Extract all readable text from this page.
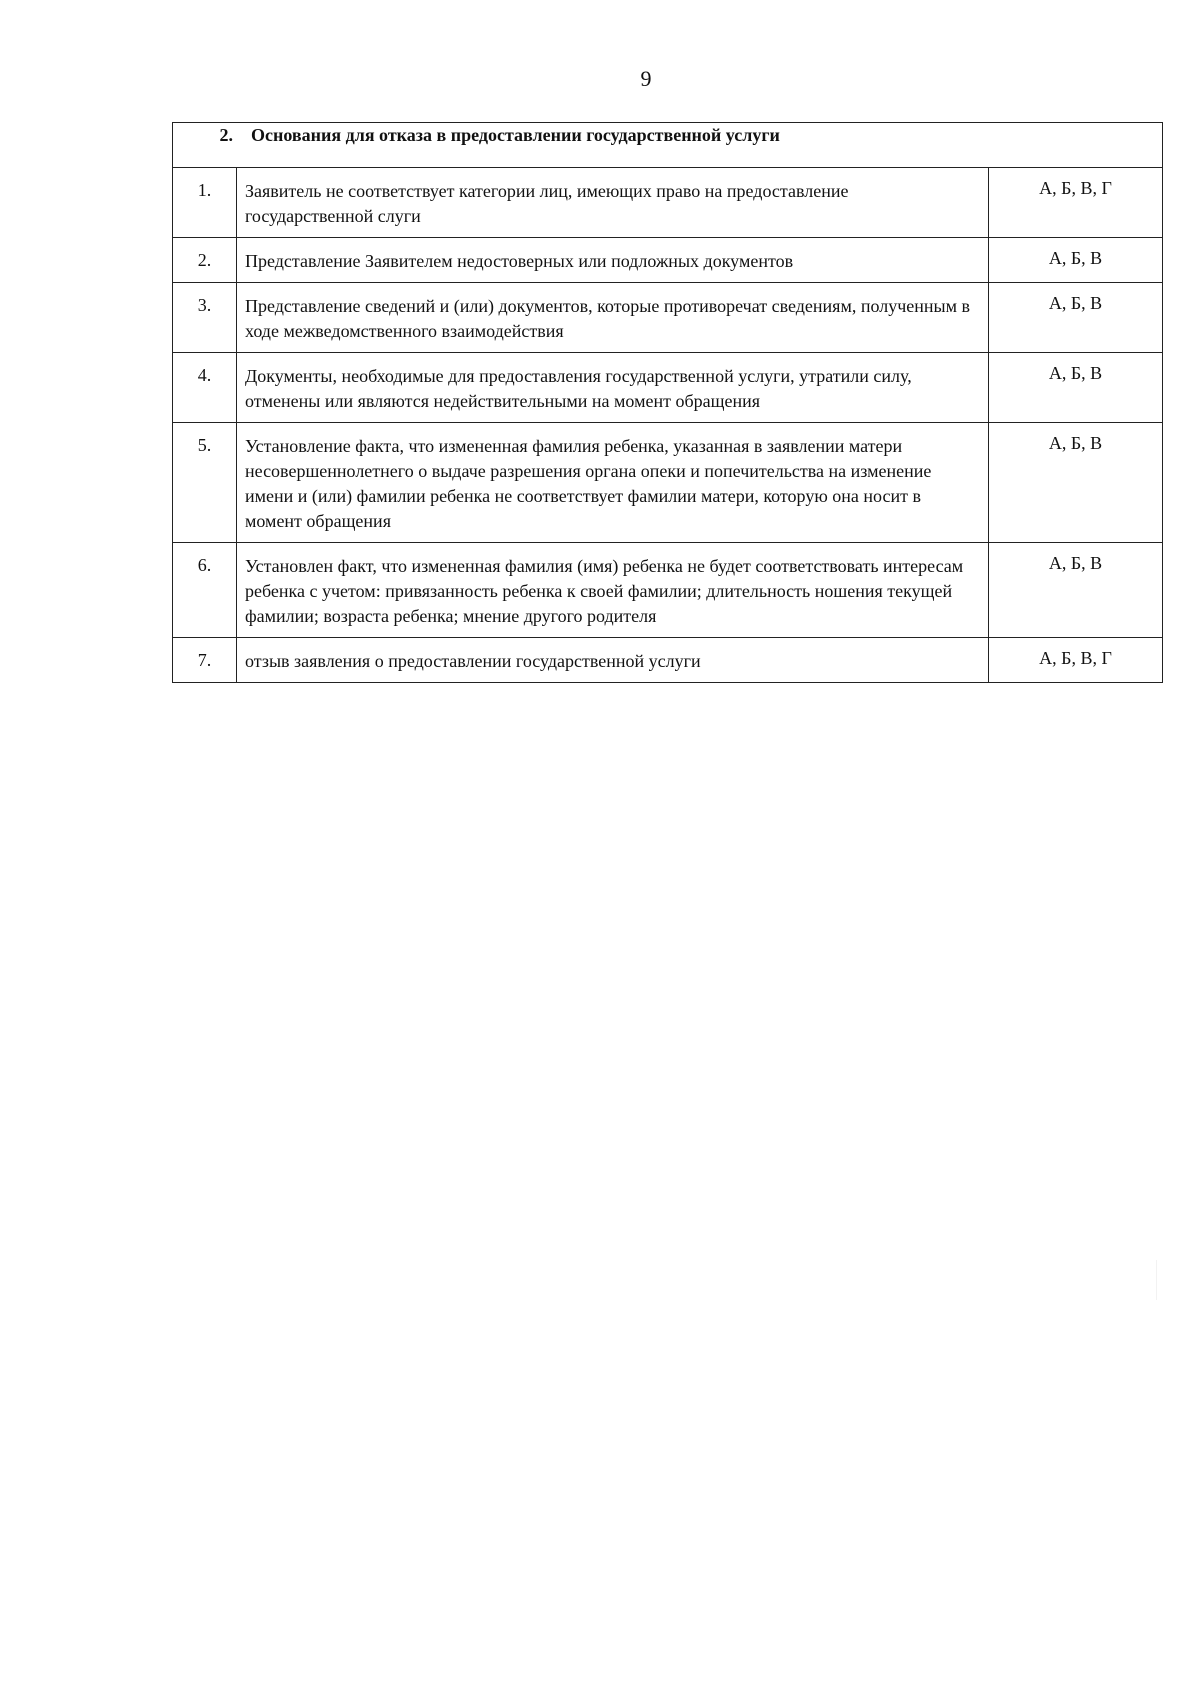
9
2. Основания для отказа в предоставлении государственной услуги		
1.	Заявитель не соответствует категории лиц, имеющих право на предоставление государственной слуги	А, Б, В, Г
2.	Представление Заявителем недостоверных или подложных документов	А, Б, В
3.	Представление сведений и (или) документов, которые противоречат сведениям, полученным в ходе межведомственного взаимодействия	А, Б, В
4.	Документы, необходимые для предоставления государственной услуги, утратили силу, отменены или являются недействительными на момент обращения	А, Б, В
5.	Установление факта, что измененная фамилия ребенка, указанная в заявлении матери несовершеннолетнего о выдаче разрешения органа опеки и попечительства на изменение имени и (или) фамилии ребенка не соответствует фамилии матери, которую она носит в момент обращения	А, Б, В
6.	Установлен факт, что измененная фамилия (имя) ребенка не будет соответствовать интересам ребенка с учетом: привязанность ребенка к своей фамилии; длительность ношения текущей фамилии; возраста ребенка; мнение другого родителя	А, Б, В
7.	отзыв заявления о предоставлении государственной услуги	А, Б, В, Г
